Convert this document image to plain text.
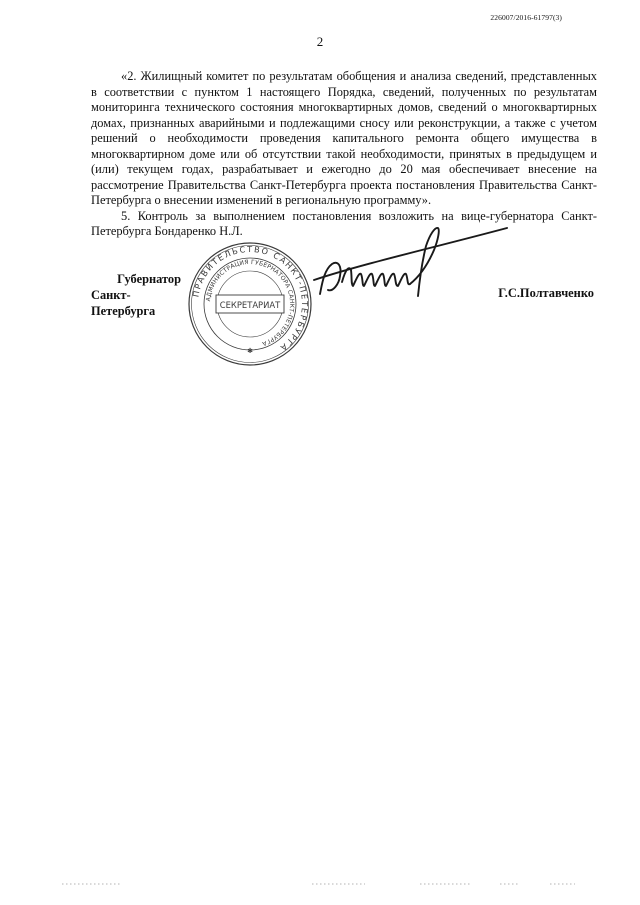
226007/2016-61797(3)
2

«2. Жилищный комитет по результатам обобщения и анализа сведений, представленных в соответствии с пунктом 1 настоящего Порядка, сведений, полученных по результатам мониторинга технического состояния многоквартирных домов, сведений о многоквартирных домах, признанных аварийными и подлежащими сносу или реконструкции, а также с учетом решений о необходимости проведения капитального ремонта общего имущества в многоквартирном доме или об отсутствии такой необходимости, принятых в предыдущем и (или) текущем годах, разрабатывает и ежегодно до 20 мая обеспечивает внесение на рассмотрение Правительства Санкт-Петербурга проекта постановления Правительства Санкт-Петербурга о внесении изменений в региональную программу».

5. Контроль за выполнением постановления возложить на вице-губернатора Санкт-Петербурга Бондаренко Н.Л.

Губернатор
Санкт-Петербурга
Г.С.Полтавченко
ПРАВИТЕЛЬСТВО САНКТ-ПЕТЕРБУРГА
АДМИНИСТРАЦИЯ ГУБЕРНАТОРА САНКТ-ПЕТЕРБУРГА
СЕКРЕТАРИАТ
✱
